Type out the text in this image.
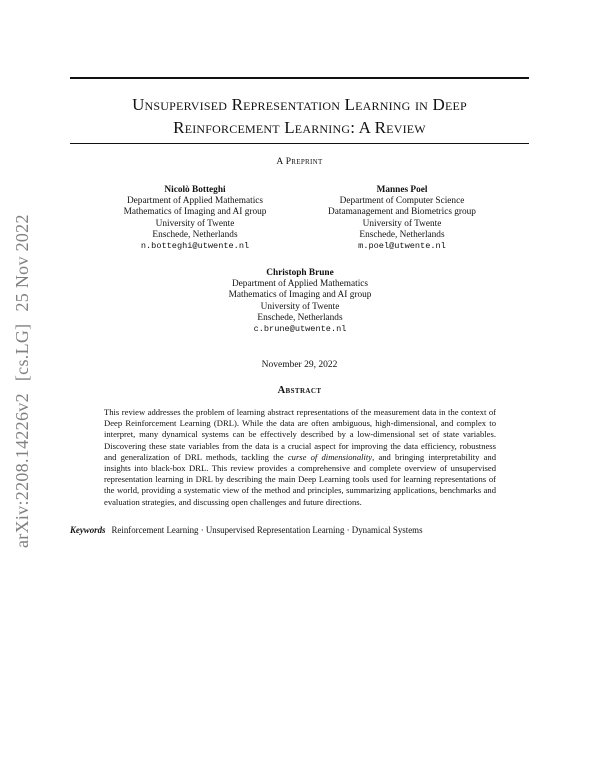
arXiv:2208.14226v2[cs.LG]25 Nov 2022
Unsupervised Representation Learning in Deep
Reinforcement Learning: A Review
A Preprint
Nicolò Botteghi
Department of Applied Mathematics
Mathematics of Imaging and AI group
University of Twente
Enschede, Netherlands
n.botteghi@utwente.nl
Mannes Poel
Department of Computer Science
Datamanagement and Biometrics group
University of Twente
Enschede, Netherlands
m.poel@utwente.nl
Christoph Brune
Department of Applied Mathematics
Mathematics of Imaging and AI group
University of Twente
Enschede, Netherlands
c.brune@utwente.nl
November 29, 2022
Abstract
This review addresses the problem of learning abstract representations of the measurement data in the context of Deep Reinforcement Learning (DRL). While the data are often ambiguous, high-dimensional, and complex to interpret, many dynamical systems can be effectively described by a low-dimensional set of state variables. Discovering these state variables from the data is a crucial aspect for improving the data efficiency, robustness and generalization of DRL methods, tackling the curse of dimensionality, and bringing interpretability and insights into black-box DRL. This review provides a comprehensive and complete overview of unsupervised representation learning in DRL by describing the main Deep Learning tools used for learning representations of the world, providing a systematic view of the method and principles, summarizing applications, benchmarks and evaluation strategies, and discussing open challenges and future directions.
Keywords Reinforcement Learning · Unsupervised Representation Learning · Dynamical Systems
